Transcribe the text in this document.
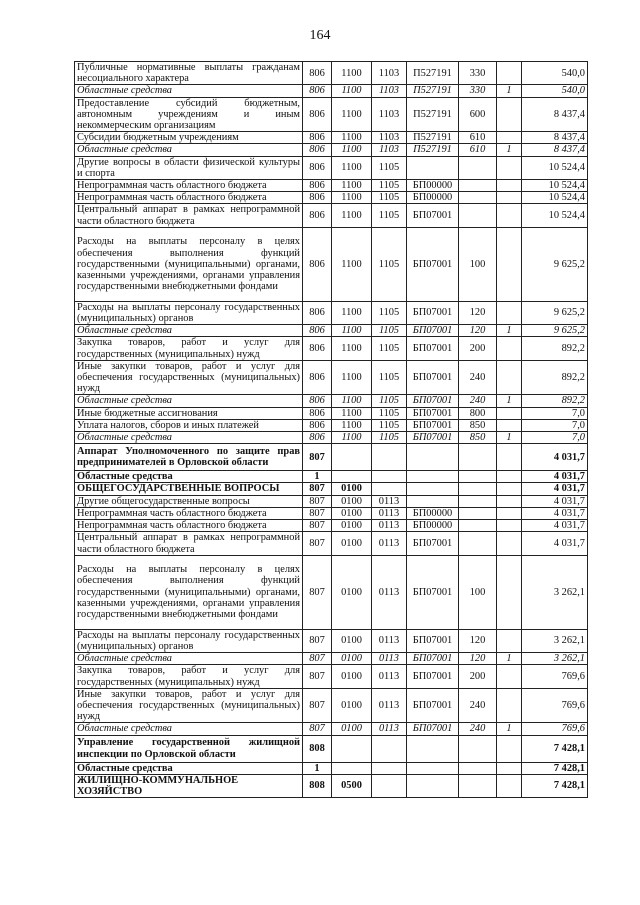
164
Публичные нормативные выплаты гражданам несоциального характера	806	1100	1103	П527191	330		540,0
Областные средства	806	1100	1103	П527191	330	1	540,0
Предоставление субсидий бюджетным, автономным учреждениям и иным некоммерческим организациям	806	1100	1103	П527191	600		8 437,4
Субсидии бюджетным учреждениям	806	1100	1103	П527191	610		8 437,4
Областные средства	806	1100	1103	П527191	610	1	8 437,4
Другие вопросы в области физической культуры и спорта	806	1100	1105				10 524,4
Непрограммная часть областного бюджета	806	1100	1105	БП00000			10 524,4
Непрограммная часть областного бюджета	806	1100	1105	БП00000			10 524,4
Центральный аппарат в рамках непрограммной части областного бюджета	806	1100	1105	БП07001			10 524,4
Расходы на выплаты персоналу в целях обеспечения выполнения функций государственными (муниципальными) органами, казенными учреждениями, органами управления государственными внебюджетными фондами	806	1100	1105	БП07001	100		9 625,2
Расходы на выплаты персоналу государственных (муниципальных) органов	806	1100	1105	БП07001	120		9 625,2
Областные средства	806	1100	1105	БП07001	120	1	9 625,2
Закупка товаров, работ и услуг для государственных (муниципальных) нужд	806	1100	1105	БП07001	200		892,2
Иные закупки товаров, работ и услуг для обеспечения государственных (муниципальных) нужд	806	1100	1105	БП07001	240		892,2
Областные средства	806	1100	1105	БП07001	240	1	892,2
Иные бюджетные ассигнования	806	1100	1105	БП07001	800		7,0
Уплата налогов, сборов и иных платежей	806	1100	1105	БП07001	850		7,0
Областные средства	806	1100	1105	БП07001	850	1	7,0
Аппарат Уполномоченного по защите прав предпринимателей в Орловской области	807						4 031,7
Областные средства	1						4 031,7
ОБЩЕГОСУДАРСТВЕННЫЕ ВОПРОСЫ	807	0100					4 031,7
Другие общегосударственные вопросы	807	0100	0113				4 031,7
Непрограммная часть областного бюджета	807	0100	0113	БП00000			4 031,7
Непрограммная часть областного бюджета	807	0100	0113	БП00000			4 031,7
Центральный аппарат в рамках непрограммной части областного бюджета	807	0100	0113	БП07001			4 031,7
Расходы на выплаты персоналу в целях обеспечения выполнения функций государственными (муниципальными) органами, казенными учреждениями, органами управления государственными внебюджетными фондами	807	0100	0113	БП07001	100		3 262,1
Расходы на выплаты персоналу государственных (муниципальных) органов	807	0100	0113	БП07001	120		3 262,1
Областные средства	807	0100	0113	БП07001	120	1	3 262,1
Закупка товаров, работ и услуг для государственных (муниципальных) нужд	807	0100	0113	БП07001	200		769,6
Иные закупки товаров, работ и услуг для обеспечения государственных (муниципальных) нужд	807	0100	0113	БП07001	240		769,6
Областные средства	807	0100	0113	БП07001	240	1	769,6
Управление государственной жилищной инспекции по Орловской области	808						7 428,1
Областные средства	1						7 428,1
ЖИЛИЩНО-КОММУНАЛЬНОЕ ХОЗЯЙСТВО	808	0500					7 428,1
